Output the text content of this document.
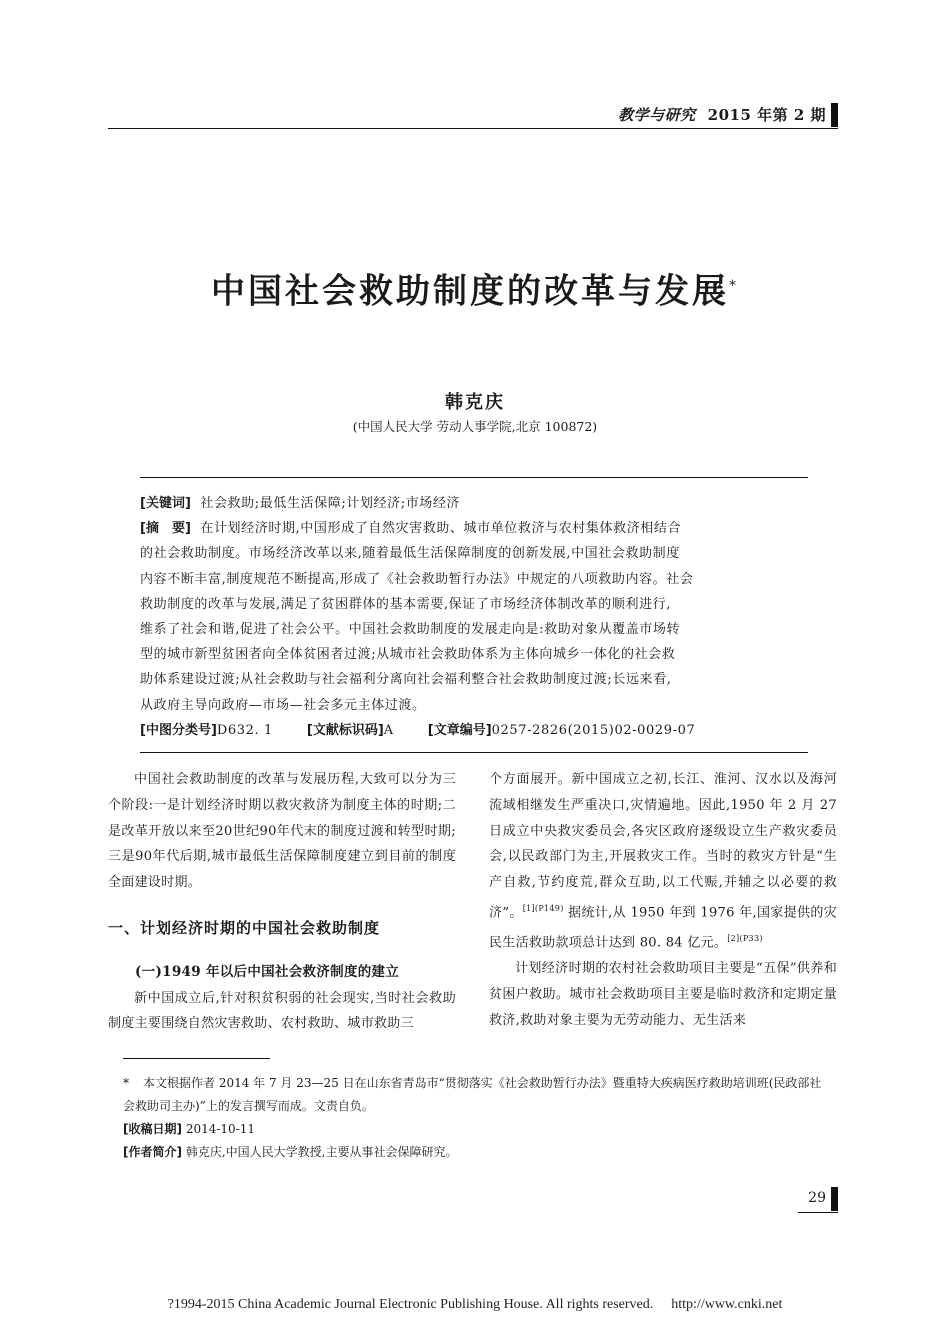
教学与研究 2015 年第 2 期
中国社会救助制度的改革与发展*
韩克庆
(中国人民大学 劳动人事学院,北京 100872)
[关键词] 社会救助;最低生活保障;计划经济;市场经济
[摘　要] 在计划经济时期,中国形成了自然灾害救助、城市单位救济与农村集体救济相结合
的社会救助制度。市场经济改革以来,随着最低生活保障制度的创新发展,中国社会救助制度
内容不断丰富,制度规范不断提高,形成了《社会救助暂行办法》中规定的八项救助内容。社会
救助制度的改革与发展,满足了贫困群体的基本需要,保证了市场经济体制改革的顺利进行,
维系了社会和谐,促进了社会公平。中国社会救助制度的发展走向是:救助对象从覆盖市场转
型的城市新型贫困者向全体贫困者过渡;从城市社会救助体系为主体向城乡一体化的社会救
助体系建设过渡;从社会救助与社会福利分离向社会福利整合社会救助制度过渡;长远来看,
从政府主导向政府—市场—社会多元主体过渡。
[中图分类号]D632. 1	[文献标识码]A	[文章编号]0257-2826(2015)02-0029-07

中国社会救助制度的改革与发展历程,大致可以分为三个阶段:一是计划经济时期以救灾救济为制度主体的时期;二是改革开放以来至20世纪90年代末的制度过渡和转型时期;三是90年代后期,城市最低生活保障制度建立到目前的制度全面建设时期。

一、计划经济时期的中国社会救助制度

(一)1949 年以后中国社会救济制度的建立

新中国成立后,针对积贫积弱的社会现实,当时社会救助制度主要围绕自然灾害救助、农村救助、城市救助三

个方面展开。新中国成立之初,长江、淮河、汉水以及海河流域相继发生严重决口,灾情遍地。因此,1950 年 2 月 27 日成立中央救灾委员会,各灾区政府逐级设立生产救灾委员会,以民政部门为主,开展救灾工作。当时的救灾方针是“生产自救,节约度荒,群众互助,以工代赈,并辅之以必要的救济”。$^{[1](P149)}$ 据统计,从 1950 年到 1976 年,国家提供的灾民生活救助款项总计达到 80. 84 亿元。$^{[2](P33)}$

计划经济时期的农村社会救助项目主要是“五保”供养和贫困户救助。城市社会救助项目主要是临时救济和定期定量救济,救助对象主要为无劳动能力、无生活来

* 本文根据作者 2014 年 7 月 23—25 日在山东省青岛市“贯彻落实《社会救助暂行办法》暨重特大疾病医疗救助培训班(民政部社会救助司主办)”上的发言撰写而成。文责自负。

[收稿日期] 2014-10-11

[作者简介] 韩克庆,中国人民大学教授,主要从事社会保障研究。

29
?1994-2015 China Academic Journal Electronic Publishing House. All rights reserved. http://www.cnki.net
